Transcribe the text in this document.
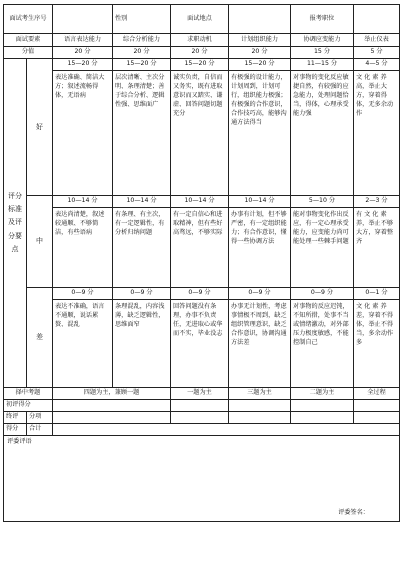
面试考生序号			性别	面试地点		报考职位	
面试要素		语言表达能力	综合分析能力	求职动机	计划组织能力	协调应变能力	举止仪表
分值		20 分	20 分	20 分	20 分	15 分	5 分
评分标准及评分要点	好	15—20 分	15—20 分	15—20 分	15—20 分	11—15 分	4—5 分
		表达准确、简洁大方；叙述流畅得体，无语病	层次清晰、主次分明、条理清楚；善于综合分析、逻辑性强、思维面广	诚实负责，自信而又务实，既有进取意识而又踏实、谦虚、回答问题切题充分	有极强的设计能力，计划周到，计划可行，组织能力极强；有极强的合作意识，合作技巧高，能够沟通方法得当	对事物的变化反应敏捷自然，有较强的应急能力，处理问题恰当，得体，心理承受能力强	文 化 素 养高，举止大方，穿着得体，无多余动作
	中	10—14 分	10—14 分	10—14 分	10—14 分	5—10 分	2—3 分
		表达尚清楚，叙述较通顺、不够简洁，有些语病	有条理、有主次，有一定逻辑性，有分析归纳问题	有一定自信心和进取精神，但有些好高骛远，不够实际	办事有计划，但不够严密，有一定组织能力；有合作意识，懂得一些协调方法	能对事物变化作出反应，有一定心理承受能力，应变能力尚可能处理一些棘手问题	有 文 化 素养，举止不够大方，穿着整齐
	差	0—9 分	0—9 分	0—9 分	0—9 分	0—9 分	0—1 分
		表达不准确，语言不通顺，说话累赘、混乱	条理混乱，内容浅薄，缺乏逻辑性，思维面窄	回答问题没有条理，办事不负责任，无进取心或华而不实，毕业没志	办事无计划性，考虑事情极不周到，缺乏组织管理意识，缺乏合作意识，协调沟通方法差	对事物的反应迟钝，不知所措，处事不当或情绪激动，对外部压力极度敏感，不能控制自己	文 化 素 养差，穿着不得体，举止不得当，多余动作多
择中考题		四题为主，兼顾一题		一题为主	三题为主	二题为主	全过程
初评得分							
终评	分项						
得分	合计						

评委评语
评委签名：							
